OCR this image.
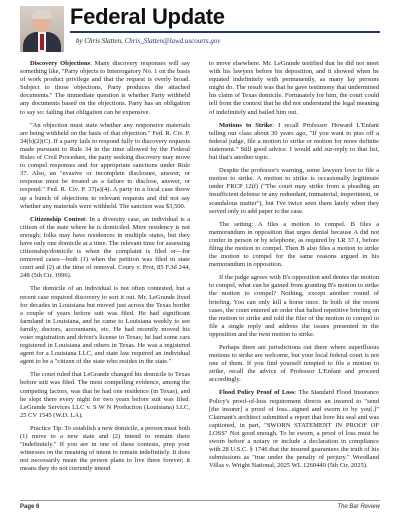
Federal Update
by Chris Slatten, Chris_Slatten@lawd.uscourts.gov

Discovery Objections: Many discovery responses will say something like, "Party objects to Interrogatory No. 1 on the basis of work product privilege and that the request is overly broad. Subject to those objections, Party produces the attached documents." The immediate question is whether Party withheld any documents based on the objections. Party has an obligation to say so: failing that obligation can be expensive.

"An objection must state whether any responsive materials are being withheld on the basis of that objection." Fed. R. Civ. P. 34(b)(2)(C). If a party fails to respond fully to discovery requests made pursuant to Rule 34 in the time allowed by the Federal Rules of Civil Procedure, the party seeking discovery may move to compel responses and for appropriate sanctions under Rule 37. Also, an "evasive or incomplete disclosure, answer, or response must be treated as a failure to disclose, answer, or respond." Fed. R. Civ. P. 37(a)(4). A party in a local case threw up a bunch of objections to relevant requests and did not say whether any materials were withheld. The sanction was $3,500.

Citizenship Contest: In a diversity case, an individual is a citizen of the state where he is domiciled. Mere residency is not enough; folks may have residences in multiple states, but they have only one domicile at a time. The relevant time for assessing citizenship/domicile is when the complaint is filed or—for removed cases—both (1) when the petition was filed in state court and (2) at the time of removal. Coury v. Prot, 85 F.3d 244, 248 (5th Cir. 1996).

The domicile of an individual is not often contested, but a recent case required discovery to sort it out. Mr. LeGrande lived for decades in Louisiana but moved just across the Texas border a couple of years before suit was filed. He had significant farmland in Louisiana, and he came to Louisiana weekly to see family, doctors, accountants, etc. He had recently moved his voter registration and driver's license to Texas; he had some cars registered in Louisiana and others in Texas. He was a registered agent for a Louisiana LLC, and state law required an individual agent to be a "citizen of the state who resides in the state."

The court ruled that LeGrande changed his domicile to Texas before suit was filed. The most compelling evidence, among the competing factors, was that he had one residence (in Texas), and he slept there every night for two years before suit was filed. LeGrande Services LLC v. S W N Production (Louisiana) LLC, 25 CV 1545 (W.D. LA).

Practice Tip: To establish a new domicile, a person must both (1) move to a new state and (2) intend to remain there "indefinitely." If you are in one of these contests, prep your witnesses on the meaning of intent to remain indefinitely. It does not necessarily mean the person plans to live there forever; it means they do not currently intend

to move elsewhere. Mr. LeGrande testified that he did not meet with his lawyers before his deposition, and it showed when he equated indefinitely with permanently, as many lay persons might do. The result was that he gave testimony that undermined his claim of Texas domicile. Fortunately for him, the court could tell from the context that he did not understand the legal meaning of indefinitely and bailed him out.

Motions to Strike: I recall Professor Howard L'Enfant telling our class about 30 years ago, "If you want to piss off a federal judge, file a motion to strike or motion for more definite statement." Still good advice. I would add sur-reply to that list, but that's another topic.

Despite the professor's warning, some lawyers love to file a motion to strike. A motion to strike is occasionally legitimate under FRCP 12(f) ("The court may strike from a pleading an insufficient defense or any redundant, immaterial, impertinent, or scandalous matter"), but I've twice seen them lately when they served only to add paper to the case.

The setting: A files a motion to compel. B files a memorandum in opposition that urges denial because A did not confer in person or by telephone, as required by LR 37.1, before filing the motion to compel. Then B also files a motion to strike the motion to compel for the same reasons argued in his memorandum in opposition.

If the judge agrees with B's opposition and denies the motion to compel, what can be gained from granting B's motion to strike the motion to compel? Nothing, except another round of briefing. You can only kill a horse once. In both of the recent cases, the court entered an order that halted repetitive briefing on the motion to strike and told the filer of the motion to compel to file a single reply and address the issues presented in the opposition and the twin motion to strike.

Perhaps there are jurisdictions out there where superfluous motions to strike are welcome, but your local federal court is not one of them. If you find yourself tempted to file a motion to strike, recall the advice of Professor L'Enfant and proceed accordingly.

Flood Policy Proof of Loss: The Standard Flood Insurance Policy's proof-of-loss requirement directs an insured to "send [the insurer] a proof of loss...signed and sworn to by you[.]" Claimant's architect submitted a report that bore his seal and was captioned, in part, "SWORN STATEMENT IN PROOF OF LOSS" Not good enough. To be sworn, a proof of loss must be sworn before a notary or include a declaration in compliance with 28 U.S.C. § 1746 that the insured guarantees the truth of his submissions as "true under the penalty of perjury." Woodland Villas v. Wright National, 2025 WL 1260440 (5th Cir. 2025).

Page 6	The Bar Review
